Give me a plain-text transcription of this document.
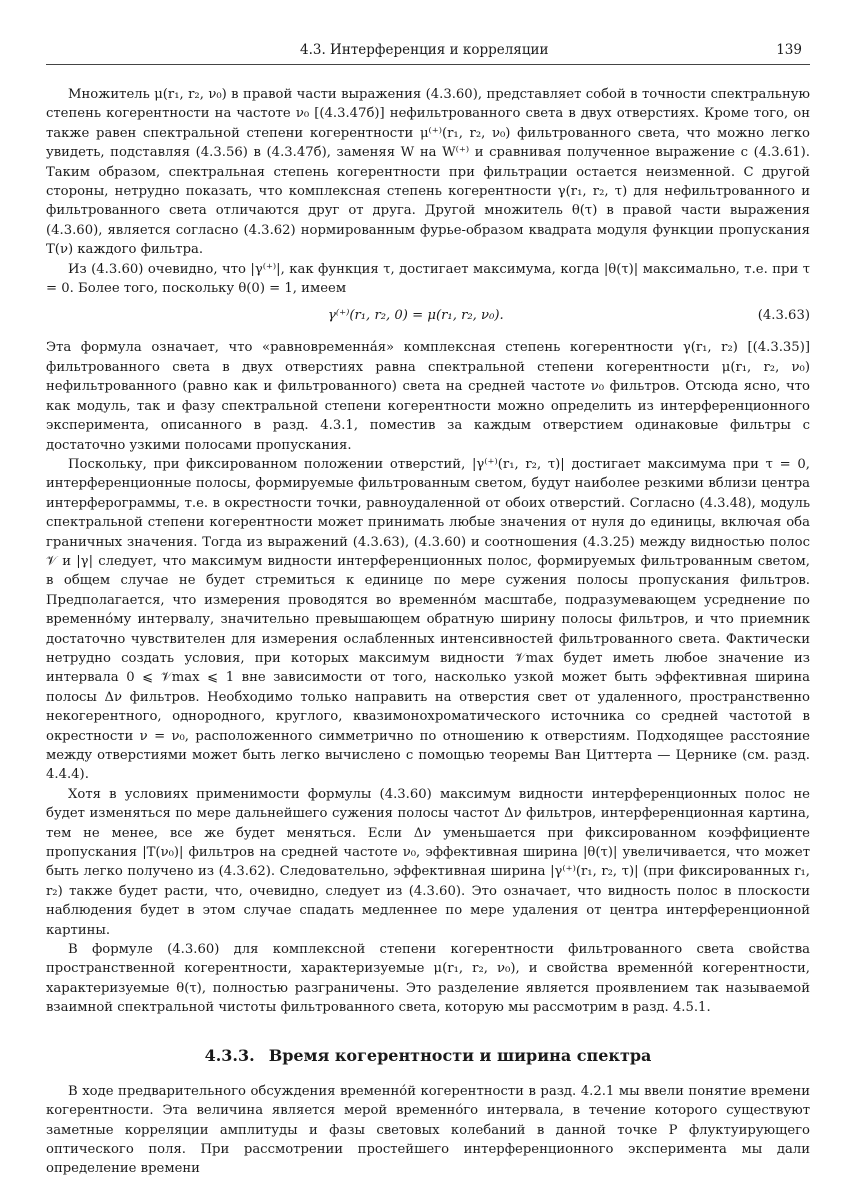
4.3. Интерференция и корреляции	139

Множитель μ(r₁, r₂, ν₀) в правой части выражения (4.3.60), представляет собой в точности спектральную степень когерентности на частоте ν₀ [(4.3.47б)] нефильтрованного света в двух отверстиях. Кроме того, он также равен спектральной степени когерентности μ⁽⁺⁾(r₁, r₂, ν₀) фильтрованного света, что можно легко увидеть, подставляя (4.3.56) в (4.3.47б), заменяя W на W⁽⁺⁾ и сравнивая полученное выражение с (4.3.61). Таким образом, спектральная степень когерентности при фильтрации остается неизменной. С другой стороны, нетрудно показать, что комплексная степень когерентности γ(r₁, r₂, τ) для нефильтрованного и фильтрованного света отличаются друг от друга. Другой множитель θ(τ) в правой части выражения (4.3.60), является согласно (4.3.62) нормированным фурье-образом квадрата модуля функции пропускания T(ν) каждого фильтра.

Из (4.3.60) очевидно, что |γ⁽⁺⁾|, как функция τ, достигает максимума, когда |θ(τ)| максимально, т.е. при τ = 0. Более того, поскольку θ(0) = 1, имеем

γ⁽⁺⁾(r₁, r₂, 0) = μ(r₁, r₂, ν₀).	(4.3.63)

Эта формула означает, что «равновременна́я» комплексная степень когерентности γ(r₁, r₂) [(4.3.35)] фильтрованного света в двух отверстиях равна спектральной степени когерентности μ(r₁, r₂, ν₀) нефильтрованного (равно как и фильтрованного) света на средней частоте ν₀ фильтров. Отсюда ясно, что как модуль, так и фазу спектральной степени когерентности можно определить из интерференционного эксперимента, описанного в разд. 4.3.1, поместив за каждым отверстием одинаковые фильтры с достаточно узкими полосами пропускания.

Поскольку, при фиксированном положении отверстий, |γ⁽⁺⁾(r₁, r₂, τ)| достигает максимума при τ = 0, интерференционные полосы, формируемые фильтрованным светом, будут наиболее резкими вблизи центра интерферограммы, т.е. в окрестности точки, равноудаленной от обоих отверстий. Согласно (4.3.48), модуль спектральной степени когерентности может принимать любые значения от нуля до единицы, включая оба граничных значения. Тогда из выражений (4.3.63), (4.3.60) и соотношения (4.3.25) между видностью полос 𝒱 и |γ| следует, что максимум видности интерференционных полос, формируемых фильтрованным светом, в общем случае не будет стремиться к единице по мере сужения полосы пропускания фильтров. Предполагается, что измерения проводятся во временно́м масштабе, подразумевающем усреднение по временно́му интервалу, значительно превышающем обратную ширину полосы фильтров, и что приемник достаточно чувствителен для измерения ослабленных интенсивностей фильтрованного света. Фактически нетрудно создать условия, при которых максимум видности 𝒱max будет иметь любое значение из интервала 0 ⩽ 𝒱max ⩽ 1 вне зависимости от того, насколько узкой может быть эффективная ширина полосы Δν фильтров. Необходимо только направить на отверстия свет от удаленного, пространственно некогерентного, однородного, круглого, квазимонохроматического источника со средней частотой в окрестности ν = ν₀, расположенного симметрично по отношению к отверстиям. Подходящее расстояние между отверстиями может быть легко вычислено с помощью теоремы Ван Циттерта — Цернике (см. разд. 4.4.4).

Хотя в условиях применимости формулы (4.3.60) максимум видности интерференционных полос не будет изменяться по мере дальнейшего сужения полосы частот Δν фильтров, интерференционная картина, тем не менее, все же будет меняться. Если Δν уменьшается при фиксированном коэффициенте пропускания |T(ν₀)| фильтров на средней частоте ν₀, эффективная ширина |θ(τ)| увеличивается, что может быть легко получено из (4.3.62). Следовательно, эффективная ширина |γ⁽⁺⁾(r₁, r₂, τ)| (при фиксированных r₁, r₂) также будет расти, что, очевидно, следует из (4.3.60). Это означает, что видность полос в плоскости наблюдения будет в этом случае спадать медленнее по мере удаления от центра интерференционной картины.

В формуле (4.3.60) для комплексной степени когерентности фильтрованного света свойства пространственной когерентности, характеризуемые μ(r₁, r₂, ν₀), и свойства временно́й когерентности, характеризуемые θ(τ), полностью разграничены. Это разделение является проявлением так называемой взаимной спектральной чистоты фильтрованного света, которую мы рассмотрим в разд. 4.5.1.

4.3.3. Время когерентности и ширина спектра

В ходе предварительного обсуждения временно́й когерентности в разд. 4.2.1 мы ввели понятие времени когерентности. Эта величина является мерой временно́го интервала, в течение которого существуют заметные корреляции амплитуды и фазы световых колебаний в данной точке P флуктуирующего оптического поля. При рассмотрении простейшего интерференционного эксперимента мы дали определение времени
